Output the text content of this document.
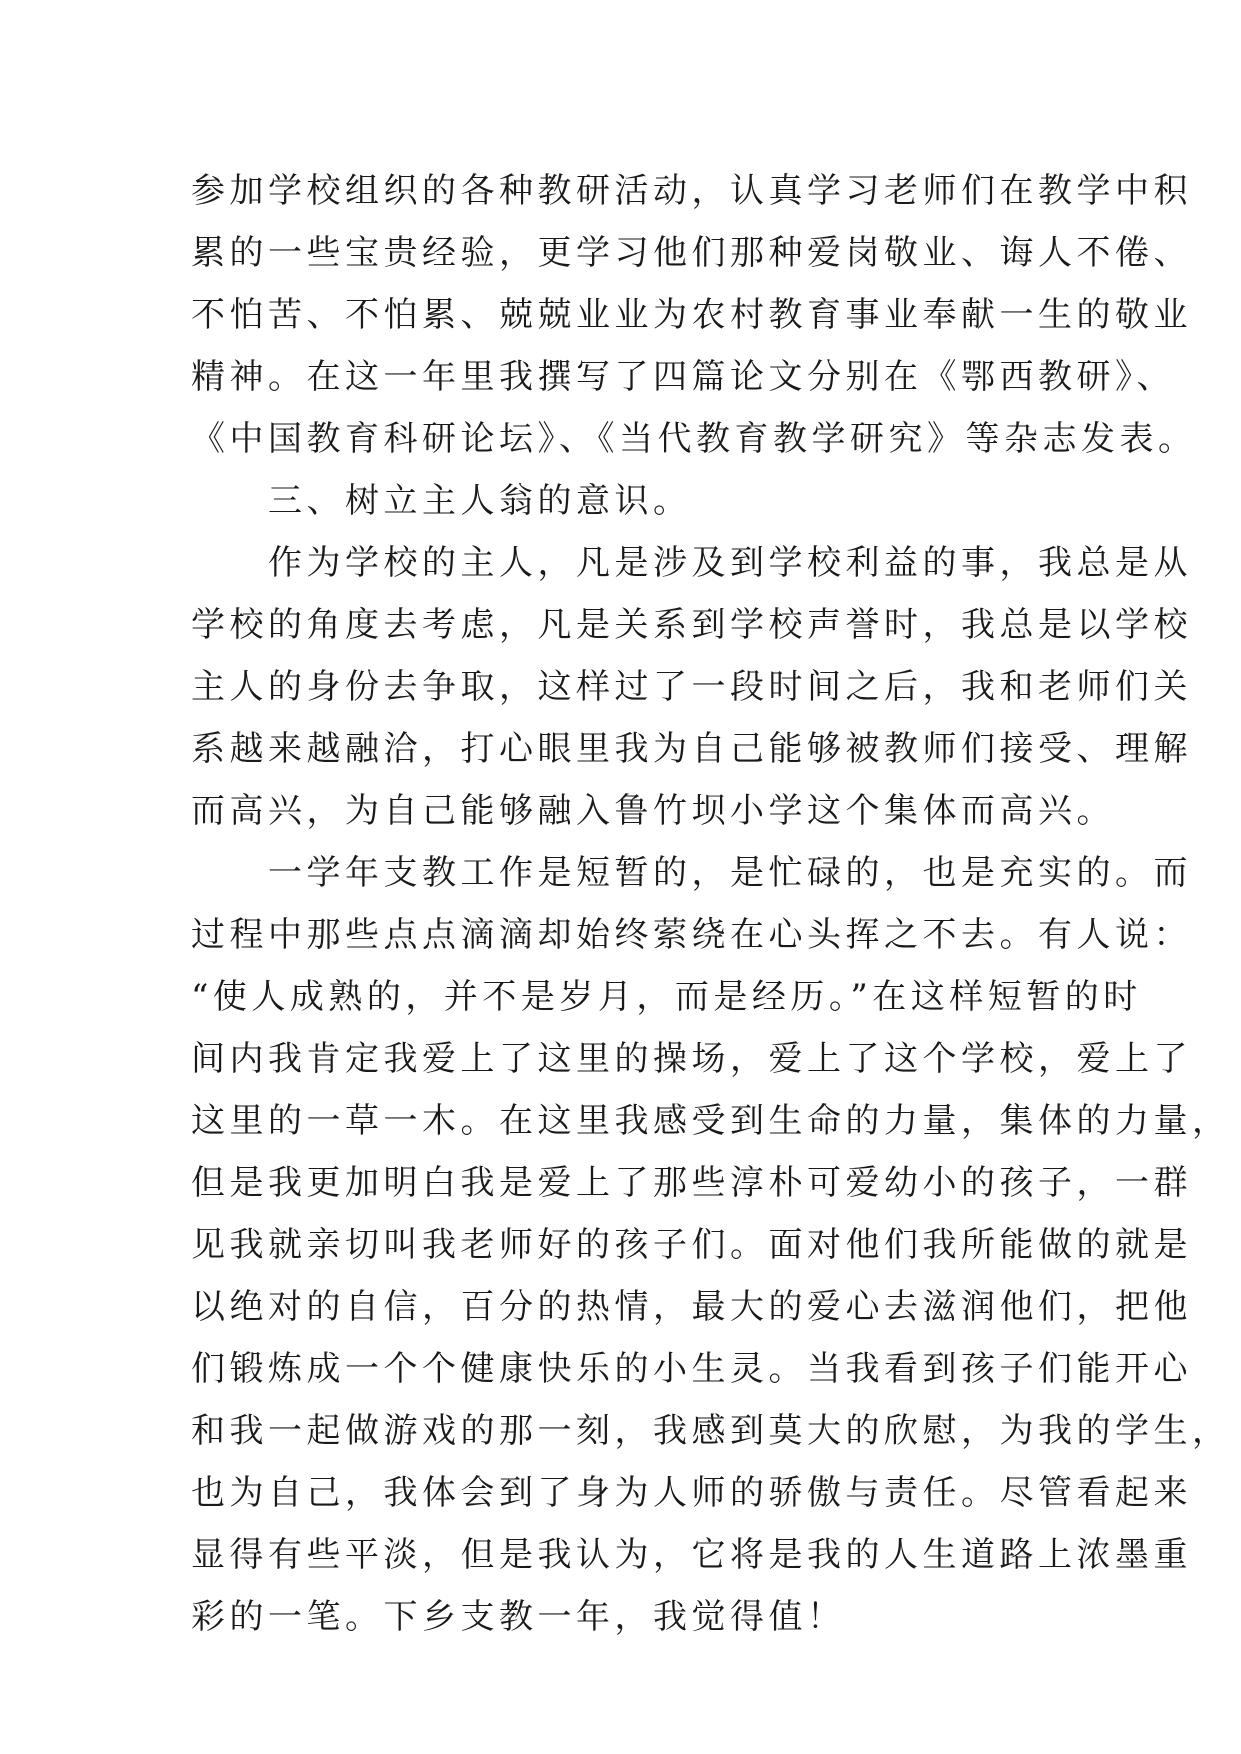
参加学校组织的各种教研活动，认真学习老师们在教学中积
累的一些宝贵经验，更学习他们那种爱岗敬业、诲人不倦、
不怕苦、不怕累、兢兢业业为农村教育事业奉献一生的敬业
精神。在这一年里我撰写了四篇论文分别在《鄂西教研》、
《中国教育科研论坛》、《当代教育教学研究》等杂志发表。
　　三、树立主人翁的意识。
　　作为学校的主人，凡是涉及到学校利益的事，我总是从
学校的角度去考虑，凡是关系到学校声誉时，我总是以学校
主人的身份去争取，这样过了一段时间之后，我和老师们关
系越来越融洽，打心眼里我为自己能够被教师们接受、理解
而高兴，为自己能够融入鲁竹坝小学这个集体而高兴。
　　一学年支教工作是短暂的，是忙碌的，也是充实的。而
过程中那些点点滴滴却始终萦绕在心头挥之不去。有人说：
“使人成熟的，并不是岁月，而是经历。”在这样短暂的时
间内我肯定我爱上了这里的操场，爱上了这个学校，爱上了
这里的一草一木。在这里我感受到生命的力量，集体的力量，
但是我更加明白我是爱上了那些淳朴可爱幼小的孩子，一群
见我就亲切叫我老师好的孩子们。面对他们我所能做的就是
以绝对的自信，百分的热情，最大的爱心去滋润他们，把他
们锻炼成一个个健康快乐的小生灵。当我看到孩子们能开心
和我一起做游戏的那一刻，我感到莫大的欣慰，为我的学生，
也为自己，我体会到了身为人师的骄傲与责任。尽管看起来
显得有些平淡，但是我认为，它将是我的人生道路上浓墨重
彩的一笔。下乡支教一年，我觉得值！
